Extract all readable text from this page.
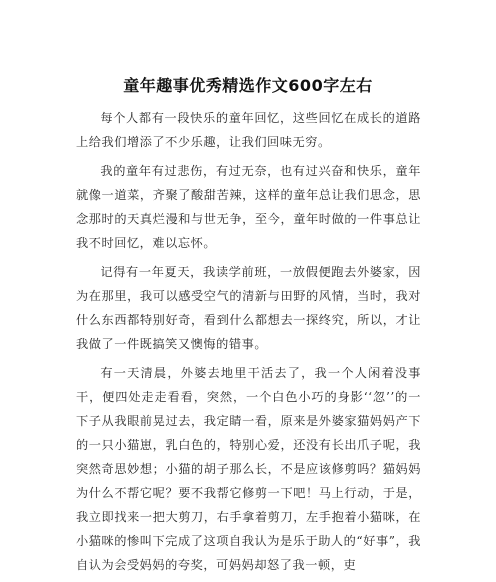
童年趣事优秀精选作文600字左右

每个人都有一段快乐的童年回忆，这些回忆在成长的道路上给我们增添了不少乐趣，让我们回味无穷。

我的童年有过悲伤，有过无奈，也有过兴奋和快乐，童年就像一道菜，齐聚了酸甜苦辣，这样的童年总让我们思念，思念那时的天真烂漫和与世无争，至今，童年时做的一件事总让我不时回忆，难以忘怀。

记得有一年夏天，我读学前班，一放假便跑去外婆家，因为在那里，我可以感受空气的清新与田野的风情，当时，我对什么东西都特别好奇，看到什么都想去一探终究，所以，才让我做了一件既搞笑又懊悔的错事。

有一天清晨，外婆去地里干活去了，我一个人闲着没事干，便四处走走看看，突然，一个白色小巧的身影‘‘忽’’的一下子从我眼前晃过去，我定睛一看，原来是外婆家猫妈妈产下的一只小猫崽，乳白色的，特别心爱，还没有长出爪子呢，我突然奇思妙想；小猫的胡子那么长，不是应该修剪吗？猫妈妈为什么不帮它呢？要不我帮它修剪一下吧！马上行动，于是，我立即找来一把大剪刀，右手拿着剪刀，左手抱着小猫咪，在小猫咪的惨叫下完成了这项自我认为是乐于助人的“好事”，我自认为会受妈妈的夸奖，可妈妈却怒了我一顿，吏
